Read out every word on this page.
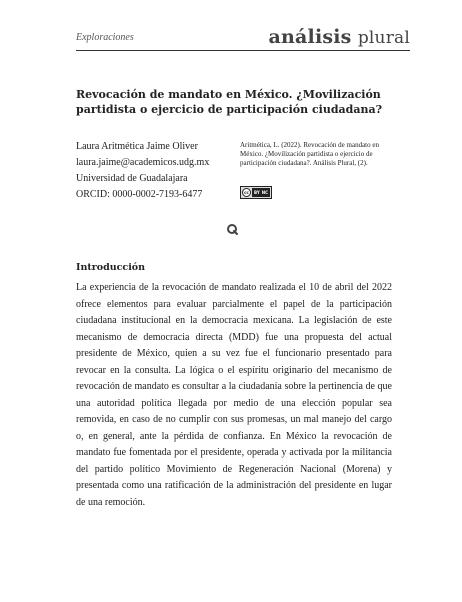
Exploraciones	análisis plural
Revocación de mandato en México. ¿Movilización partidista o ejercicio de participación ciudadana?
Laura Aritmética Jaime Oliver
laura.jaime@academicos.udg.mx
Universidad de Guadalajara
ORCID: 0000-0002-7193-6477
Aritmética, L. (2022). Revocación de mandato en México. ¿Movilización partidista o ejercicio de participación ciudadana?. Análisis Plural, (2).
cc	BY NC
Introducción

La experiencia de la revocación de mandato realizada el 10 de abril del 2022 ofrece elementos para evaluar parcialmente el papel de la participación ciudadana institucional en la democracia mexicana. La legislación de este mecanismo de democracia directa (MDD) fue una propuesta del actual presidente de México, quien a su vez fue el funcionario presentado para revocar en la consulta. La lógica o el espíritu originario del mecanismo de revocación de mandato es consultar a la ciudadanía sobre la pertinencia de que una autoridad política llegada por medio de una elección popular sea removida, en caso de no cumplir con sus promesas, un mal manejo del cargo o, en general, ante la pérdida de confianza. En México la revocación de mandato fue fomentada por el presidente, operada y activada por la militancia del partido político Movimiento de Regeneración Nacional (Morena) y presentada como una ratificación de la administración del presidente en lugar de una remoción.
